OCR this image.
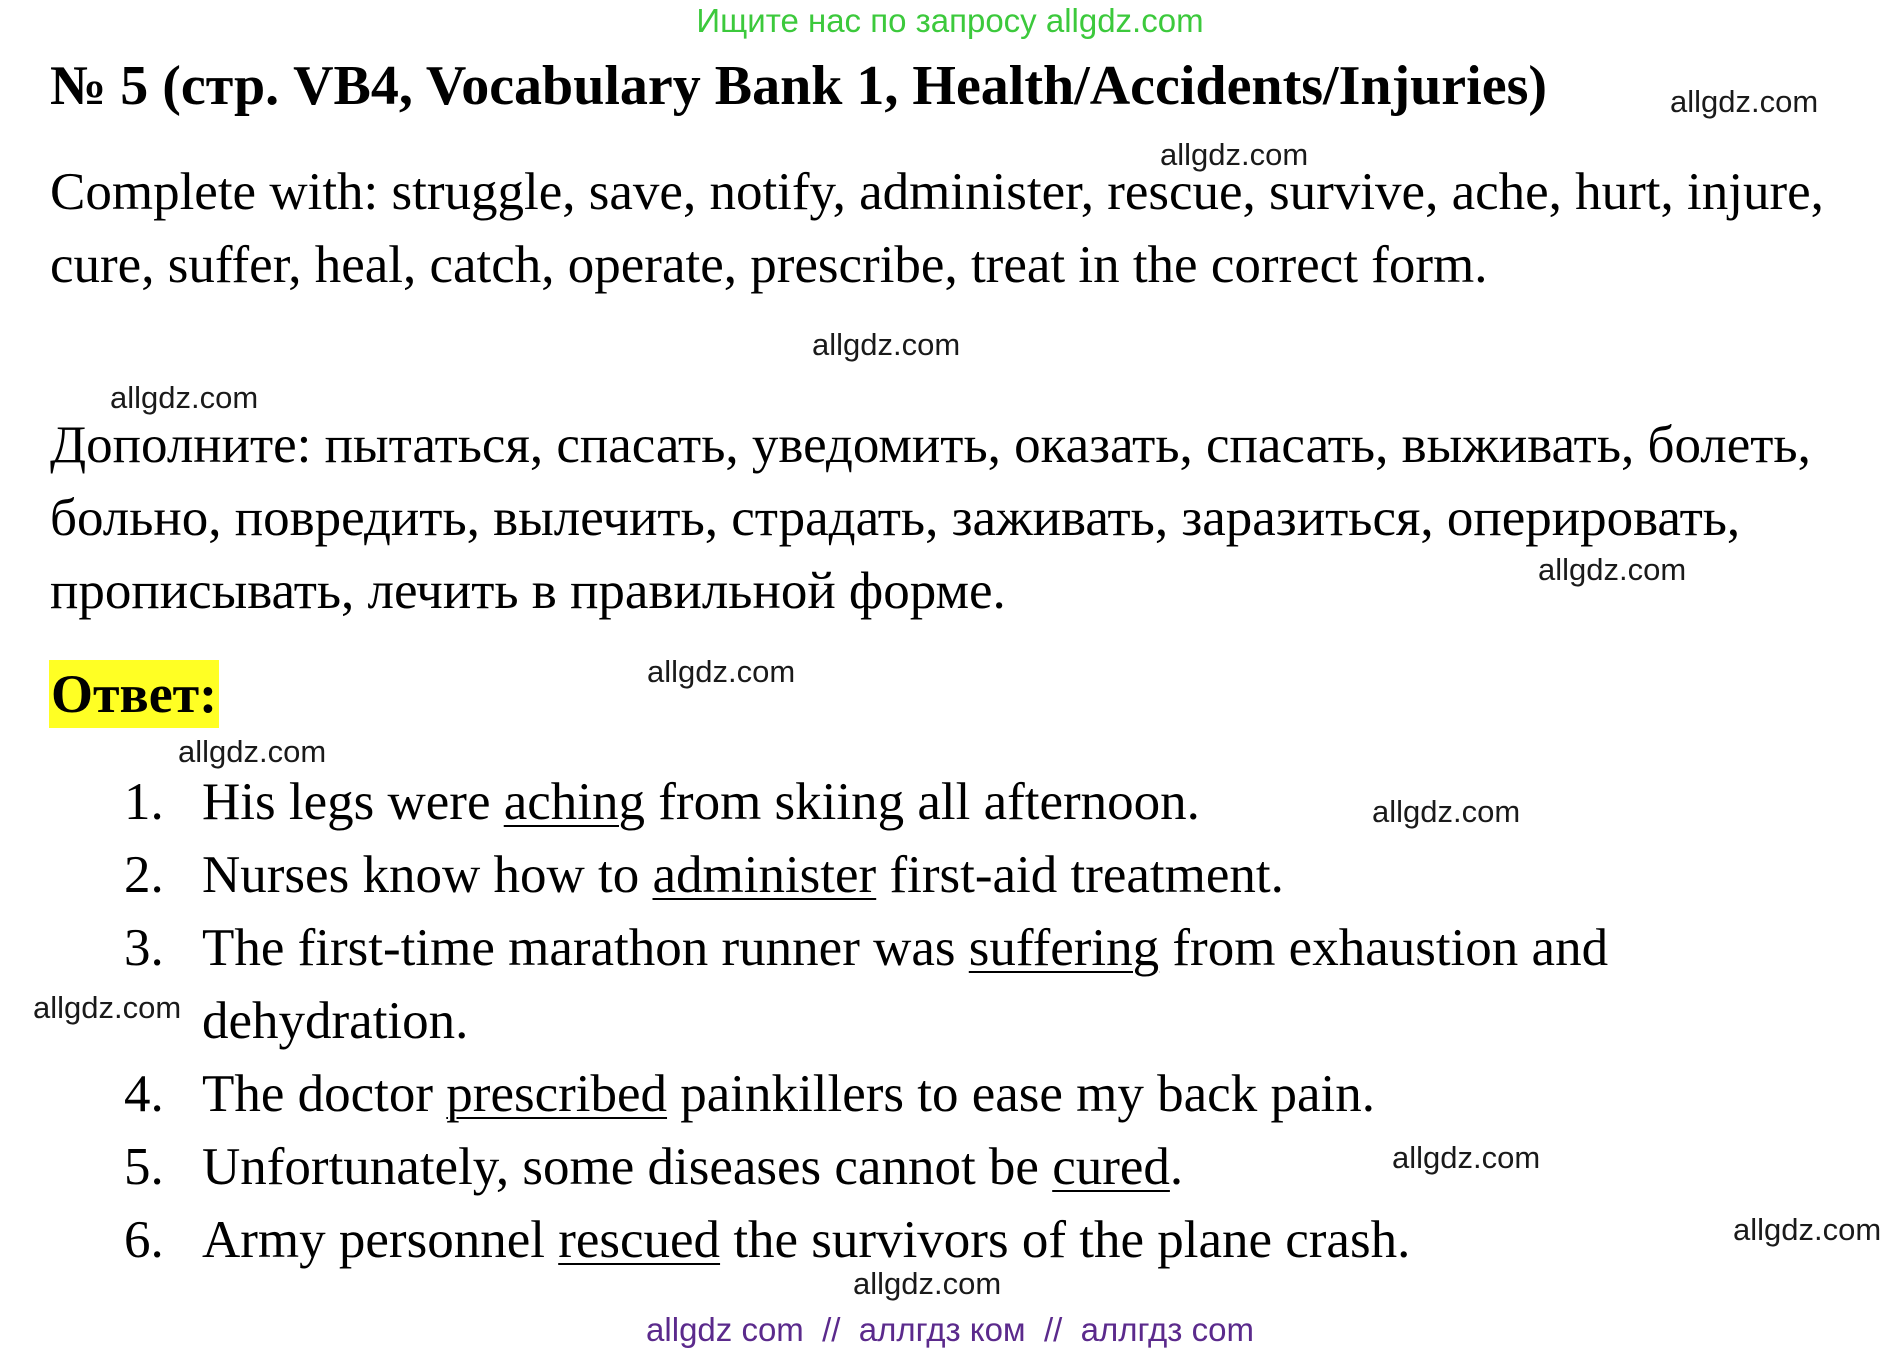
Ищите нас по запросу allgdz.com
№ 5 (стр. VB4, Vocabulary Bank 1, Health/Accidents/Injuries)
Complete with: struggle, save, notify, administer, rescue, survive, ache, hurt, injure, cure, suffer, heal, catch, operate, prescribe, treat in the correct form.
Дополните: пытаться, спасать, уведомить, оказать, спасать, выживать, болеть, больно, повредить, вылечить, страдать, заживать, заразиться, оперировать, прописывать, лечить в правильной форме.
Ответ:
1. His legs were aching from skiing all afternoon.
2. Nurses know how to administer first-aid treatment.
3. The first-time marathon runner was suffering from exhaustion and dehydration.
4. The doctor prescribed painkillers to ease my back pain.
5. Unfortunately, some diseases cannot be cured.
6. Army personnel rescued the survivors of the plane crash.
allgdz.com
allgdz.com
allgdz.com
allgdz.com
allgdz.com
allgdz.com
allgdz.com
allgdz.com
allgdz.com
allgdz.com
allgdz.com
allgdz.com
allgdz com  //  аллгдз ком  //  аллгдз com
